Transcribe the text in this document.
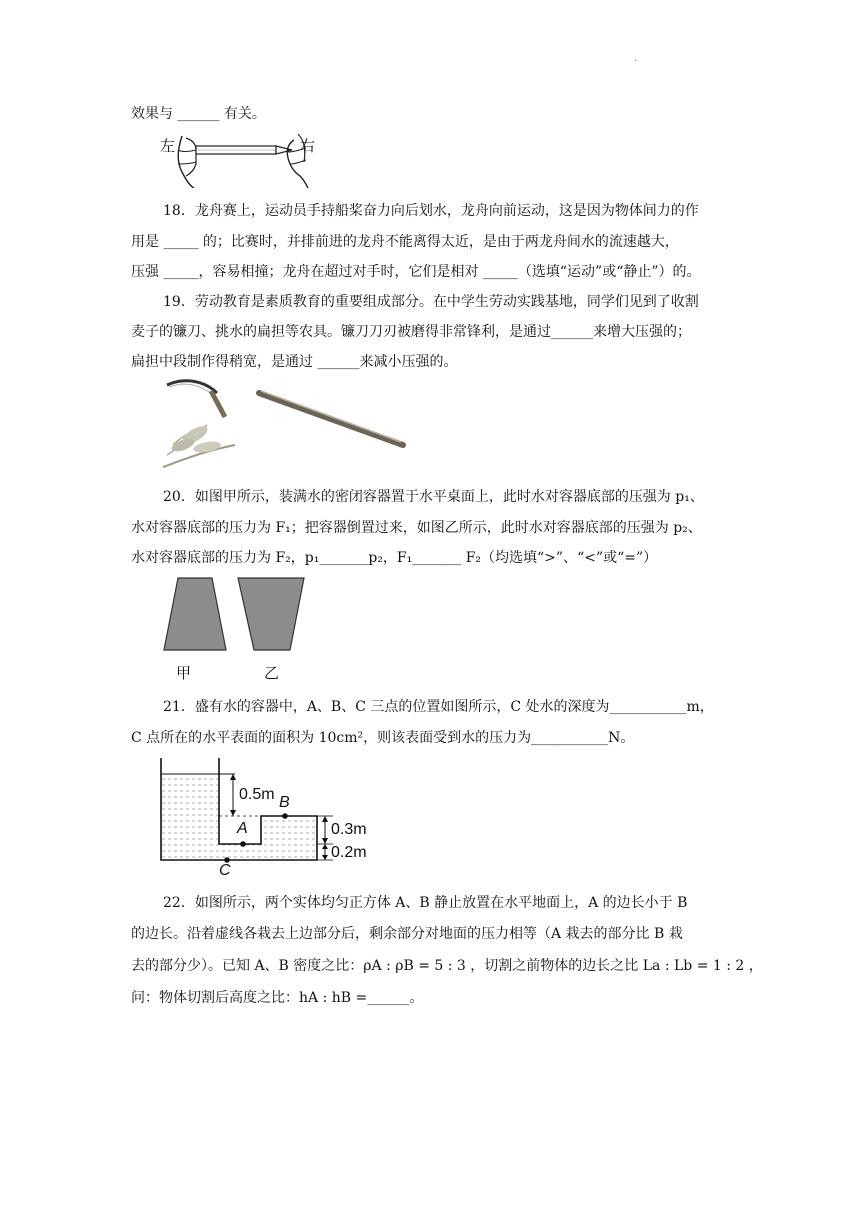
·
效果与 ______ 有关。
左	右
18．龙舟赛上，运动员手持船桨奋力向后划水，龙舟向前运动，这是因为物体间力的作
用是 _____ 的；比赛时，并排前进的龙舟不能离得太近，是由于两龙舟间水的流速越大，
压强 _____，容易相撞；龙舟在超过对手时，它们是相对 _____（选填“运动”或“静止”）的。
19．劳动教育是素质教育的重要组成部分。在中学生劳动实践基地，同学们见到了收割
麦子的镰刀、挑水的扁担等农具。镰刀刀刃被磨得非常锋利，是通过______来增大压强的；
扁担中段制作得稍宽，是通过 ______来减小压强的。
20．如图甲所示，装满水的密闭容器置于水平桌面上，此时水对容器底部的压强为 p₁、
水对容器底部的压力为 F₁；把容器倒置过来，如图乙所示，此时水对容器底部的压强为 p₂、
水对容器底部的压力为 F₂，p₁_______p₂，F₁_______ F₂（均选填“>”、“<”或“=”）
甲	乙
21．盛有水的容器中，A、B、C 三点的位置如图所示，C 处水的深度为___________m，
C 点所在的水平表面的面积为 10cm²，则该表面受到水的压力为___________N。
0.5m B
A	0.3m
0.2m
C
22．如图所示，两个实体均匀正方体 A、B 静止放置在水平地面上，A 的边长小于 B
的边长。沿着虚线各栽去上边部分后，剩余部分对地面的压力相等（A 栽去的部分比 B 栽
去的部分少）。已知 A、B 密度之比：ρA : ρB = 5 : 3 ，切割之前物体的边长之比 La : Lb = 1 : 2 ，
问：物体切割后高度之比：hA : hB =______。
